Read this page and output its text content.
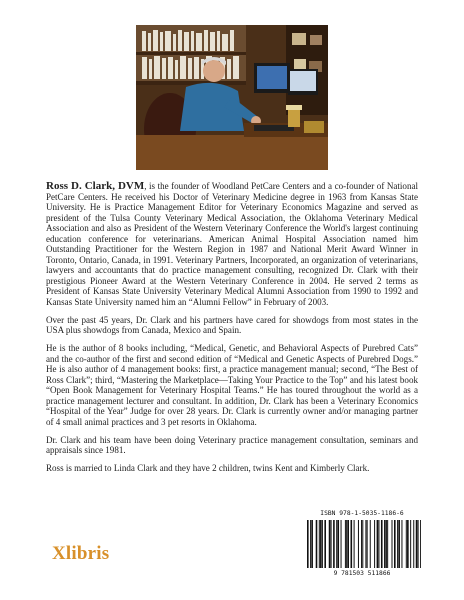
Ross D. Clark, DVM, is the founder of Woodland PetCare Centers and a co-founder of National PetCare Centers. He received his Doctor of Veterinary Medicine degree in 1963 from Kansas State University. He is Practice Management Editor for Veterinary Economics Magazine and served as president of the Tulsa County Veterinary Medical Association, the Oklahoma Veterinary Medical Association and also as President of the Western Veterinary Conference the World's largest continuing education conference for veterinarians. American Animal Hospital Association named him Outstanding Practitioner for the Western Region in 1987 and National Merit Award Winner in Toronto, Ontario, Canada, in 1991. Veterinary Partners, Incorporated, an organization of veterinarians, lawyers and accountants that do practice management consulting, recognized Dr. Clark with their prestigious Pioneer Award at the Western Veterinary Conference in 2004. He served 2 terms as President of Kansas State University Veterinary Medical Alumni Association from 1990 to 1992 and Kansas State University named him an “Alumni Fellow” in February of 2003.

Over the past 45 years, Dr. Clark and his partners have cared for showdogs from most states in the USA plus showdogs from Canada, Mexico and Spain.

He is the author of 8 books including, “Medical, Genetic, and Behavioral Aspects of Purebred Cats” and the co-author of the first and second edition of “Medical and Genetic Aspects of Purebred Dogs.” He is also author of 4 management books: first, a practice management manual; second, “The Best of Ross Clark”; third, “Mastering the Marketplace—Taking Your Practice to the Top” and his latest book “Open Book Management for Veterinary Hospital Teams.” He has toured throughout the world as a practice management lecturer and consultant. In addition, Dr. Clark has been a Veterinary Economics “Hospital of the Year” Judge for over 28 years. Dr. Clark is currently owner and/or managing partner of 4 small animal practices and 3 pet resorts in Oklahoma.

Dr. Clark and his team have been doing Veterinary practice management consultation, seminars and appraisals since 1981.

Ross is married to Linda Clark and they have 2 children, twins Kent and Kimberly Clark.

Xlibris
ISBN 978-1-5035-1186-6
9 781503 511866
